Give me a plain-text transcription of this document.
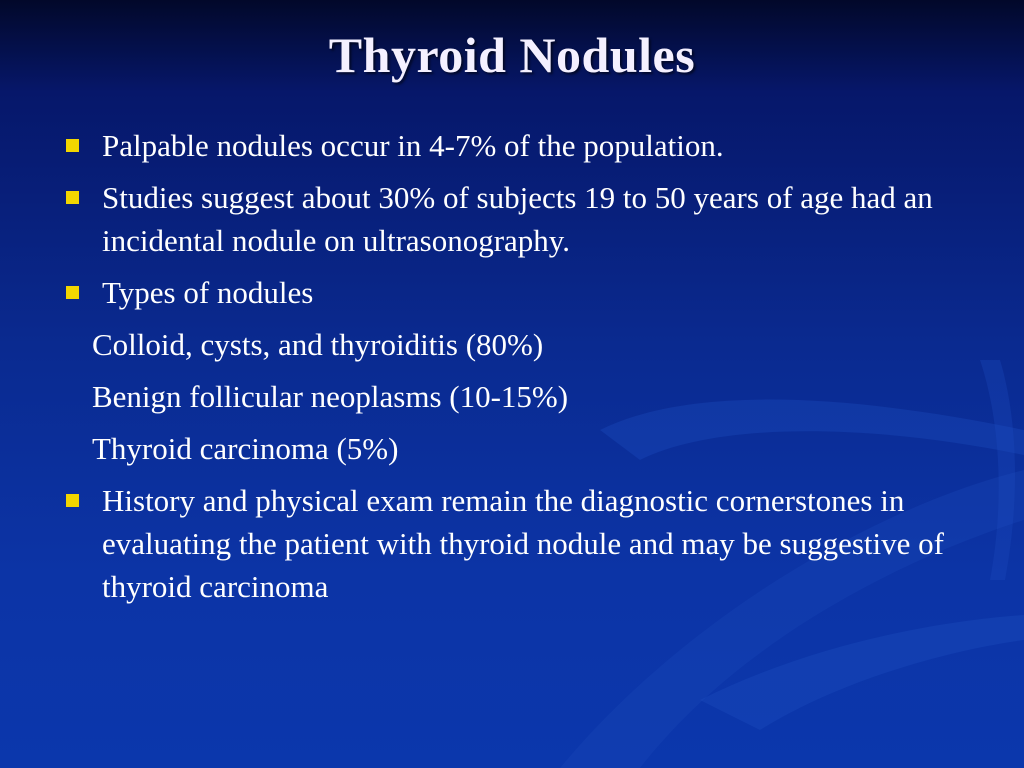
Thyroid Nodules
Palpable nodules occur in 4-7% of the population.
Studies suggest about 30% of subjects 19 to 50 years of age had an incidental nodule on ultrasonography.
Types of nodules
Colloid, cysts, and thyroiditis (80%)
Benign follicular neoplasms (10-15%)
Thyroid carcinoma (5%)
History and physical exam remain the diagnostic cornerstones in evaluating the patient with thyroid nodule and may be suggestive of thyroid carcinoma
